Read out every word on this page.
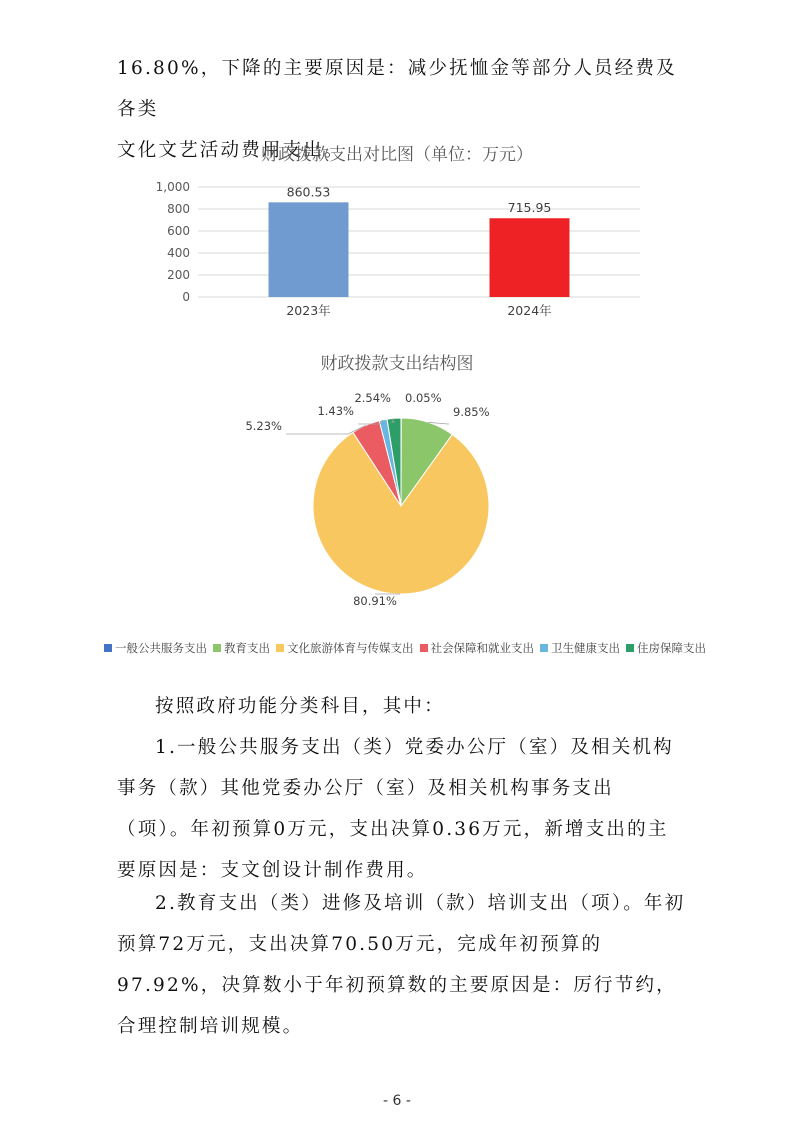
16.80%，下降的主要原因是：减少抚恤金等部分人员经费及各类
文化文艺活动费用支出。

财政拨款支出对比图（单位：万元）
0
200
400
600
800
1,000	860.53
2023年
715.95
2024年
财政拨款支出结构图
0.05%
9.85%
80.91%
5.23%
1.43%
2.54%
一般公共服务支出 教育支出 文化旅游体育与传媒支出 社会保障和就业支出 卫生健康支出 住房保障支出

按照政府功能分类科目，其中：

1.一般公共服务支出（类）党委办公厅（室）及相关机构事务（款）其他党委办公厅（室）及相关机构事务支出（项）。年初预算0万元，支出决算0.36万元，新增支出的主要原因是：支文创设计制作费用。

2.教育支出（类）进修及培训（款）培训支出（项）。年初预算72万元，支出决算70.50万元，完成年初预算的97.92%，决算数小于年初预算数的主要原因是：厉行节约，合理控制培训规模。

- 6 -
